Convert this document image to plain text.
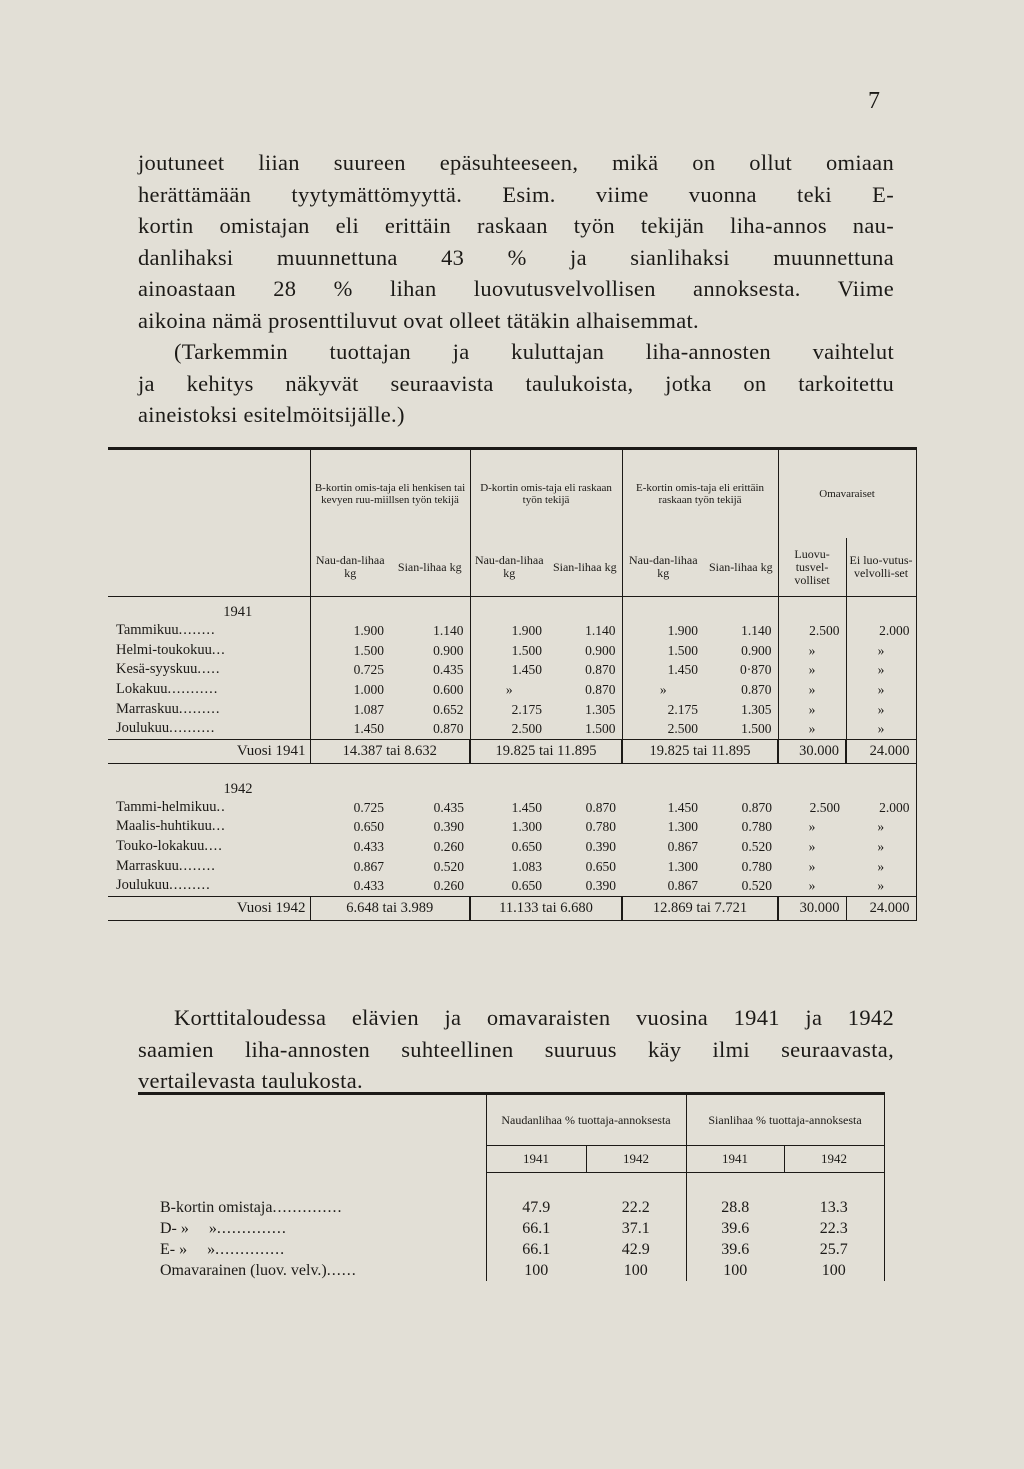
7
joutuneet liian suureen epäsuhteeseen, mikä on ollut omiaan
herättämään tyytymättömyyttä. Esim. viime vuonna teki E-
kortin omistajan eli erittäin raskaan työn tekijän liha-annos nau-
danlihaksi muunnettuna 43 % ja sianlihaksi muunnettuna
ainoastaan 28 % lihan luovutusvelvollisen annoksesta. Viime
aikoina nämä prosenttiluvut ovat olleet tätäkin alhaisemmat.
(Tarkemmin tuottajan ja kuluttajan liha-annosten vaihtelut
ja kehitys näkyvät seuraavista taulukoista, jotka on tarkoitettu
aineistoksi esitelmöitsijälle.)
	B-kortin omis-taja eli henkisen tai kevyen ruu-miillsen työn tekijä		D-kortin omis-taja eli raskaan työn tekijä		E-kortin omis-taja eli erittäin raskaan työn tekijä		Omavaraiset	
	Nau-dan-lihaa kg	Sian-lihaa kg	Nau-dan-lihaa kg	Sian-lihaa kg	Nau-dan-lihaa kg	Sian-lihaa kg	Luovu-tusvel-volliset	Ei luo-vutus-velvolli-set
1941								
Tammikuu........	1.900	1.140	1.900	1.140	1.900	1.140	2.500	2.000
Helmi-toukokuu...	1.500	0.900	1.500	0.900	1.500	0.900	»	»
Kesä-syyskuu.....	0.725	0.435	1.450	0.870	1.450	0·870	»	»
Lokakuu...........	1.000	0.600	»	0.870	»	0.870	»	»
Marraskuu.........	1.087	0.652	2.175	1.305	2.175	1.305	»	»
Joulukuu..........	1.450	0.870	2.500	1.500	2.500	1.500	»	»
Vuosi 1941	14.387 tai 8.632		19.825 tai 11.895		19.825 tai 11.895		30.000	24.000
1942								
Tammi-helmikuu..	0.725	0.435	1.450	0.870	1.450	0.870	2.500	2.000
Maalis-huhtikuu...	0.650	0.390	1.300	0.780	1.300	0.780	»	»
Touko-lokakuu....	0.433	0.260	0.650	0.390	0.867	0.520	»	»
Marraskuu........	0.867	0.520	1.083	0.650	1.300	0.780	»	»
Joulukuu.........	0.433	0.260	0.650	0.390	0.867	0.520	»	»
Vuosi 1942	6.648 tai 3.989		11.133 tai 6.680		12.869 tai 7.721		30.000	24.000
Korttitaloudessa elävien ja omavaraisten vuosina 1941 ja 1942
saamien liha-annosten suhteellinen suuruus käy ilmi seuraavasta,
vertailevasta taulukosta.
	Naudanlihaa % tuottaja-annoksesta		Sianlihaa % tuottaja-annoksesta	
	1941	1942	1941	1942

B-kortin omistaja..............	47.9	22.2	28.8	13.3
D- »     »..............	66.1	37.1	39.6	22.3
E- »     »..............	66.1	42.9	39.6	25.7
Omavarainen (luov. velv.)......	100	100	100	100
